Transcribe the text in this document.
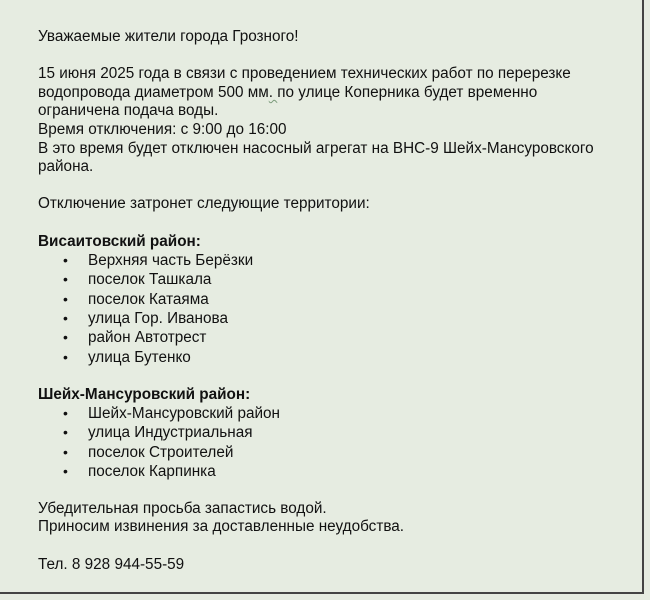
Уважаемые жители города Грозного!

15 июня 2025 года в связи с проведением технических работ по перерезке

водопровода диаметром 500 мм. по улице Коперника будет временно

ограничена подача воды.

Время отключения: с 9:00 до 16:00

В это время будет отключен насосный агрегат на ВНС-9 Шейх-Мансуровского

района.

Отключение затронет следующие территории:

Висаитовский район:

• Верхняя часть Берёзки
• поселок Ташкала
• поселок Катаяма
• улица Гор. Иванова
• район Автотрест
• улица Бутенко

Шейх-Мансуровский район:

• Шейх-Мансуровский район
• улица Индустриальная
• поселок Строителей
• поселок Карпинка

Убедительная просьба запастись водой.

Приносим извинения за доставленные неудобства.

Тел. 8 928 944-55-59
